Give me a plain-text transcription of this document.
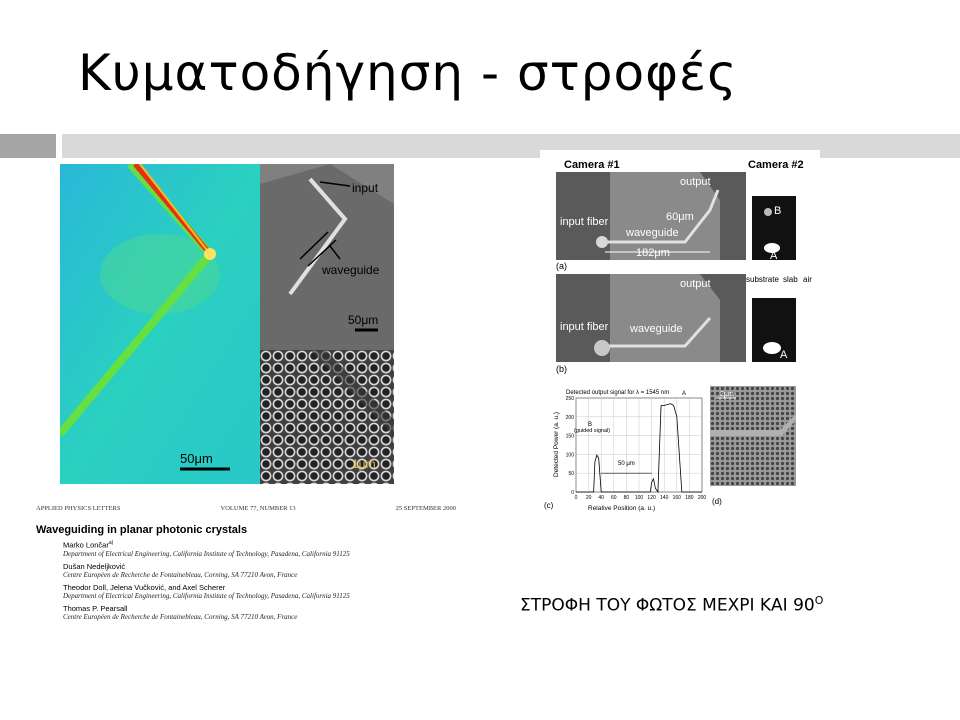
Κυματοδήγηση - στροφές
50μm
input
waveguide
50μm
1μm
Camera #1	Camera #2
output
60μm
input fiber
waveguide
182μm
B
A
(a)
substrate slab air
output
input fiber waveguide
A
(b)
Detected output signal for λ = 1545 nm
0 20 40 60 80 100 120 140 160 180 200
0
50
100
150
200
250
Relative Position (a. u.)
Detected Power (a. u.)	B
(guided signal)
A
50 μm
(c)
2μm
(d)
APPLIED PHYSICS LETTERS	VOLUME 77, NUMBER 13	25 SEPTEMBER 2000
Waveguiding in planar photonic crystals
Marko Lončar$^{a)}$
Department of Electrical Engineering, California Institute of Technology, Pasadena, California 91125
Dušan Nedeljković
Centre Européen de Recherche de Fontainebleau, Corning, SA 77210 Avon, France
Theodor Doll, Jelena Vučković, and Axel Scherer
Department of Electrical Engineering, California Institute of Technology, Pasadena, California 91125
Thomas P. Pearsall
Centre Européen de Recherche de Fontainebleau, Corning, SA 77210 Avon, France
ΣΤΡΟΦΗ ΤΟΥ ΦΩΤΟΣ ΜΕΧΡΙ ΚΑΙ $90^O$
